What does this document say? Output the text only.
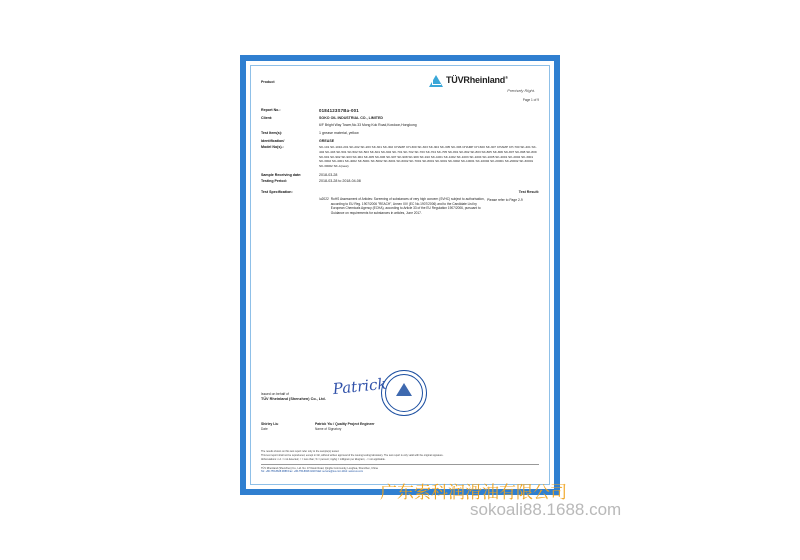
Product	TÜVRheinland®
Precisely Right.
Page 1 of 9
Report No.:	0184123S7Ba-001
Client:	SOKO OIL INDUSTRIAL CO., LIMITED
6/F Bright Way Tower,No.33 Mong Kok Road,Kowloon,Hongkong
Test Item(s):	1 grease material, yellow
Identification/	GREASE
Model No(s).:	SK-101 SK-1010-201 SK-202 SK-203 SK-301 SK-302 CHAMP CH-300 SK-303 SK-304 SK-305 SK-306 CHAMP CH-600 SK-307 CHAMP CH-700 SK-401 SK-402 SK-403 SK-501 SK-502 SK-503 SK-601 SK-602 SK-701 SK-702 SK-703 SK-704 SK-705 SK-801 SK-802 SK-803 SK-805 SK-806 SK-807 SK-808 SK-809 SK-901 SK-902 SK-903 SK-904 SK-905 SK-906 SK-907 SK-908 SK-909 SK-910 SK-1001 SK-1002 SK-1003 SK-1004 SK-1005 SK-2001 SK-2002 SK-3001 SK-3002 SK-4001 SK-4002 SK-5001 SK-5002 SK-6001 SK-6002 SK-7001 SK-8001 SK-9001 SK-9002 SK-10001 SK-10002 SK-20001 SK-20002 SK-30001 SK-30002 SK-A(new)
Sample Receiving date:	2018-03-28
Testing Period:	2018-03-28 to 2018-04-08
Test Specification:	Test Result:
\u2022 RoHS Assessment of Articles: Screening of substances of very high concern (SVHC) subject to authorisation, according to EU Reg. 1907/2006 "REACH", Annex XIV (EC No.1907/2006) and to the Candidate List by European Chemicals Agency (ECHA), according to Article 33 of the EU Regulation 1907/2006, pursuant to Guidance on requirements for substances in articles, June 2017.
Please refer to Page 2-9
Issued on behalf of
TÜV Rheinland (Shenzhen) Co., Ltd.
Patrick
Shirley Liu	Patrick Yiu / Quality Project Engineer
Date	Name of Signatory
The results shown on this test report refer only to the sample(s) tested.
This test report shall not be reproduced, except in full, without written approval of the issuing testing laboratory. The test report is only valid with the original signature.
Abbreviations: n.d. = not detected; < = less than; % = percent; mg/kg = milligram per kilogram; - = not applicable.
TÜV Rheinland (Shenzhen) Co., Ltd. No. 47 Daxin Road, Qinghu Community, Longhua, Shenzhen, China
Tel: +86-755-8828 0888 Fax: +86-755-8828 0218 Mail: service@tuv.com Web: www.tuv.com
广东索科润滑油有限公司
sokoali88.1688.com
